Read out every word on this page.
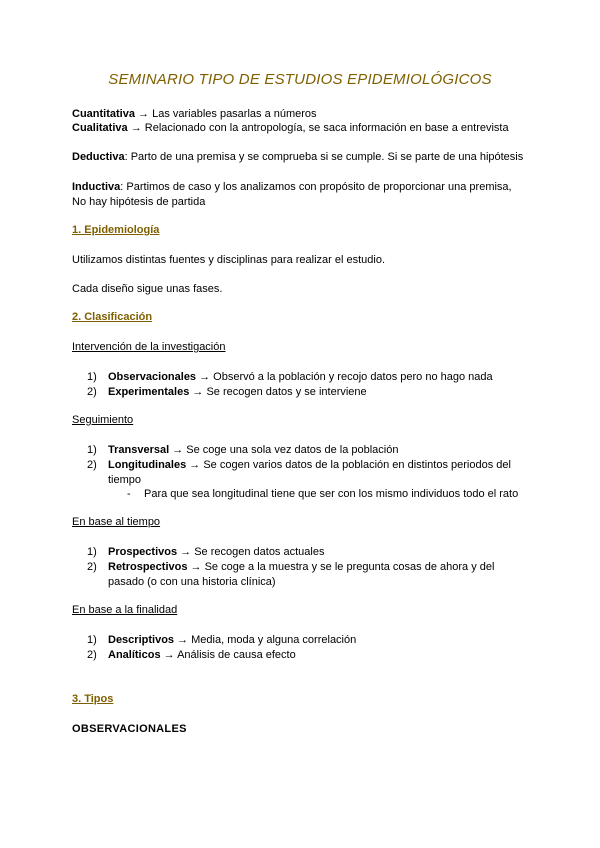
SEMINARIO TIPO DE ESTUDIOS EPIDEMIOLÓGICOS
Cuantitativa → Las variables pasarlas a números
Cualitativa → Relacionado con la antropología, se saca información en base a entrevista
Deductiva: Parto de una premisa y se comprueba si se cumple. Si se parte de una hipótesis
Inductiva: Partimos de caso y los analizamos con propósito de proporcionar una premisa,
No hay hipótesis de partida
1. Epidemiología
Utilizamos distintas fuentes y disciplinas para realizar el estudio.
Cada diseño sigue unas fases.
2. Clasificación
Intervención de la investigación
1) Observacionales → Observó a la población y recojo datos pero no hago nada
2) Experimentales → Se recogen datos y se interviene
Seguimiento
1) Transversal → Se coge una sola vez datos de la población
2) Longitudinales → Se cogen varios datos de la población en distintos periodos del tiempo
- Para que sea longitudinal tiene que ser con los mismo individuos todo el rato
En base al tiempo
1) Prospectivos → Se recogen datos actuales
2) Retrospectivos → Se coge a la muestra y se le pregunta cosas de ahora y del pasado (o con una historia clínica)
En base a la finalidad
1) Descriptivos → Media, moda y alguna correlación
2) Analíticos → Análisis de causa efecto
3. Tipos
OBSERVACIONALES
